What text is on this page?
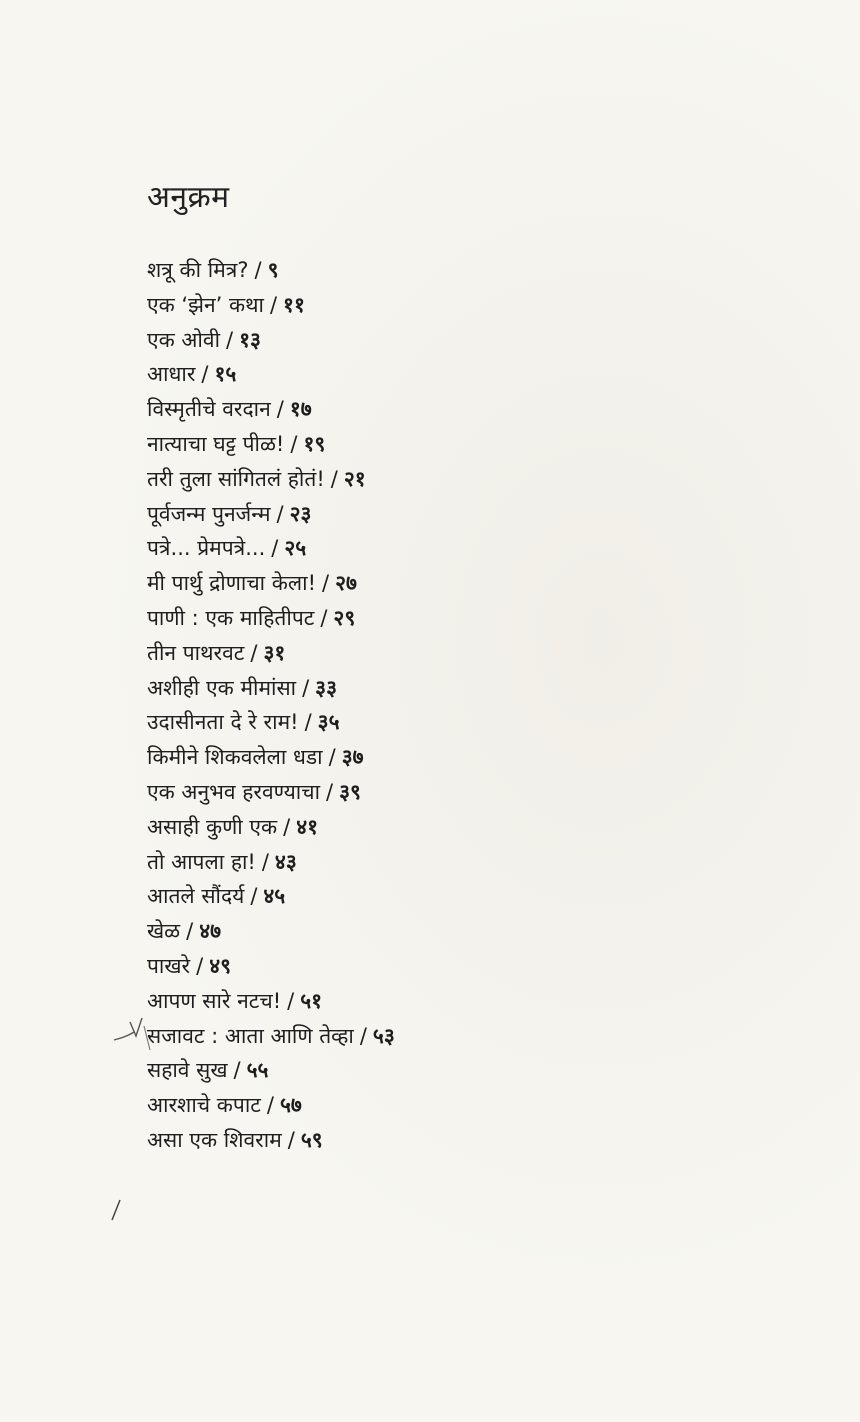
अनुक्रम
शत्रू की मित्र? / ९
एक ‘झेन’ कथा / ११
एक ओवी / १३
आधार / १५
विस्मृतीचे वरदान / १७
नात्याचा घट्ट पीळ! / १९
तरी तुला सांगितलं होतं! / २१
पूर्वजन्म पुनर्जन्म / २३
पत्रे... प्रेमपत्रे... / २५
मी पार्थु द्रोणाचा केला! / २७
पाणी : एक माहितीपट / २९
तीन पाथरवट / ३१
अशीही एक मीमांसा / ३३
उदासीनता दे रे राम! / ३५
किमीने शिकवलेला धडा / ३७
एक अनुभव हरवण्याचा / ३९
असाही कुणी एक / ४१
तो आपला हा! / ४३
आतले सौंदर्य / ४५
खेळ / ४७
पाखरे / ४९
आपण सारे नटच! / ५१
सजावट : आता आणि तेव्हा / ५३
सहावे सुख / ५५
आरशाचे कपाट / ५७
असा एक शिवराम / ५९
